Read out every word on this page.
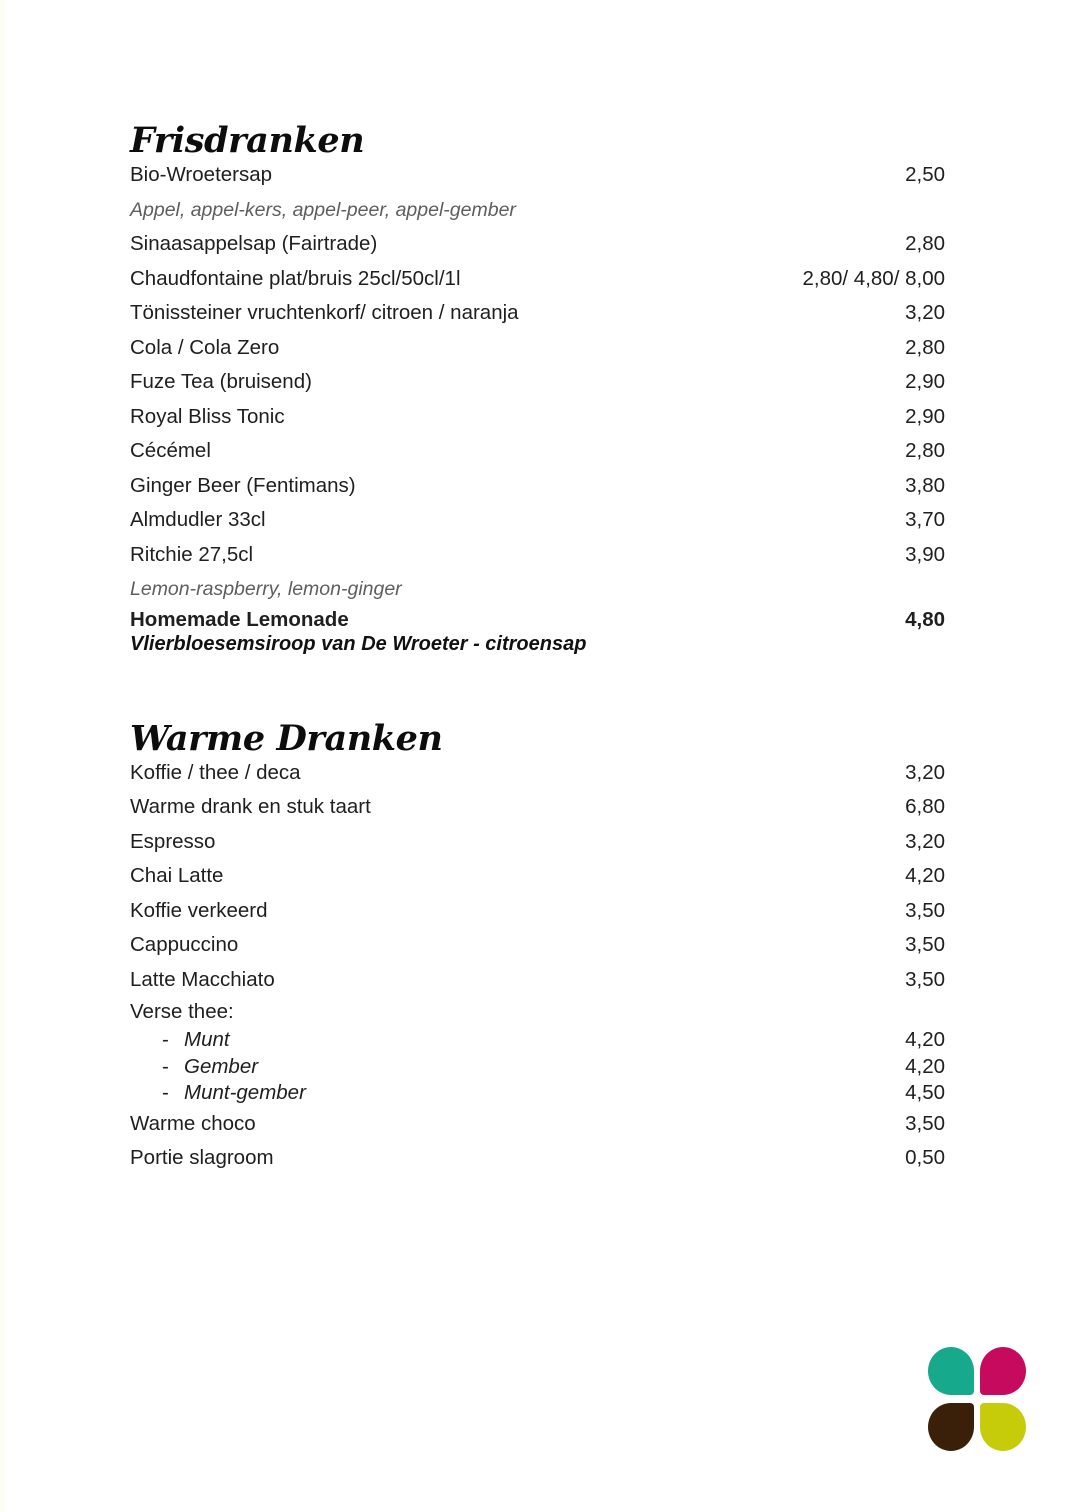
Frisdranken
Bio-Wroetersap	2,50
Appel, appel-kers, appel-peer, appel-gember
Sinaasappelsap (Fairtrade)	2,80
Chaudfontaine plat/bruis 25cl/50cl/1l	2,80/ 4,80/ 8,00
Tönissteiner vruchtenkorf/ citroen / naranja	3,20
Cola / Cola Zero	2,80
Fuze Tea (bruisend)	2,90
Royal Bliss Tonic	2,90
Cécémel	2,80
Ginger Beer (Fentimans)	3,80
Almdudler 33cl	3,70
Ritchie 27,5cl	3,90
Lemon-raspberry, lemon-ginger
Homemade Lemonade	4,80
Vlierbloesemsiroop van De Wroeter - citroensap
Warme Dranken
Koffie / thee / deca	3,20
Warme drank en stuk taart	6,80
Espresso	3,20
Chai Latte	4,20
Koffie verkeerd	3,50
Cappuccino	3,50
Latte Macchiato	3,50
Verse thee:
- Munt	4,20
- Gember	4,20
- Munt-gember	4,50
Warme choco	3,50
Portie slagroom	0,50
